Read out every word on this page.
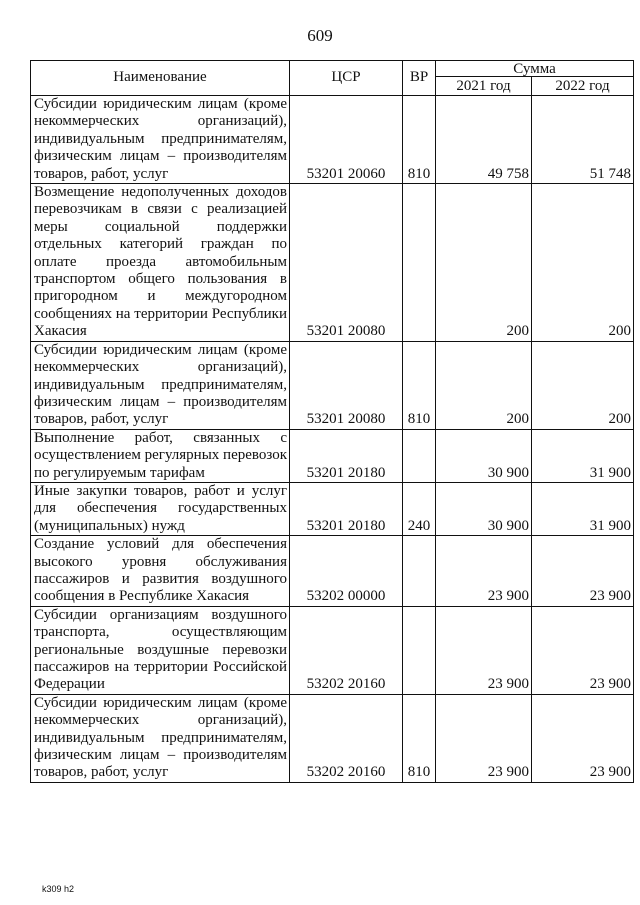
609
Наименование	ЦСР	ВР	Сумма	
			2021 год	2022 год
Субсидии юридическим лицам (кроме некоммерческих организаций), индивидуальным предпринимателям, физическим лицам – производителям товаров, работ, услуг	53201 20060	810	49 758	51 748
Возмещение недополученных доходов перевозчикам в связи с реализацией меры социальной поддержки отдельных категорий граждан по оплате проезда автомобильным транспортом общего пользования в пригородном и междугородном сообщениях на территории Республики Хакасия	53201 20080		200	200
Субсидии юридическим лицам (кроме некоммерческих организаций), индивидуальным предпринимателям, физическим лицам – производителям товаров, работ, услуг	53201 20080	810	200	200
Выполнение работ, связанных с осуществлением регулярных перевозок по регулируемым тарифам	53201 20180		30 900	31 900
Иные закупки товаров, работ и услуг для обеспечения государственных (муниципальных) нужд	53201 20180	240	30 900	31 900
Создание условий для обеспечения высокого уровня обслуживания пассажиров и развития воздушного сообщения в Республике Хакасия	53202 00000		23 900	23 900
Субсидии организациям воздушного транспорта, осуществляющим региональные воздушные перевозки пассажиров на территории Российской Федерации	53202 20160		23 900	23 900
Субсидии юридическим лицам (кроме некоммерческих организаций), индивидуальным предпринимателям, физическим лицам – производителям товаров, работ, услуг	53202 20160	810	23 900	23 900
k309 h2
